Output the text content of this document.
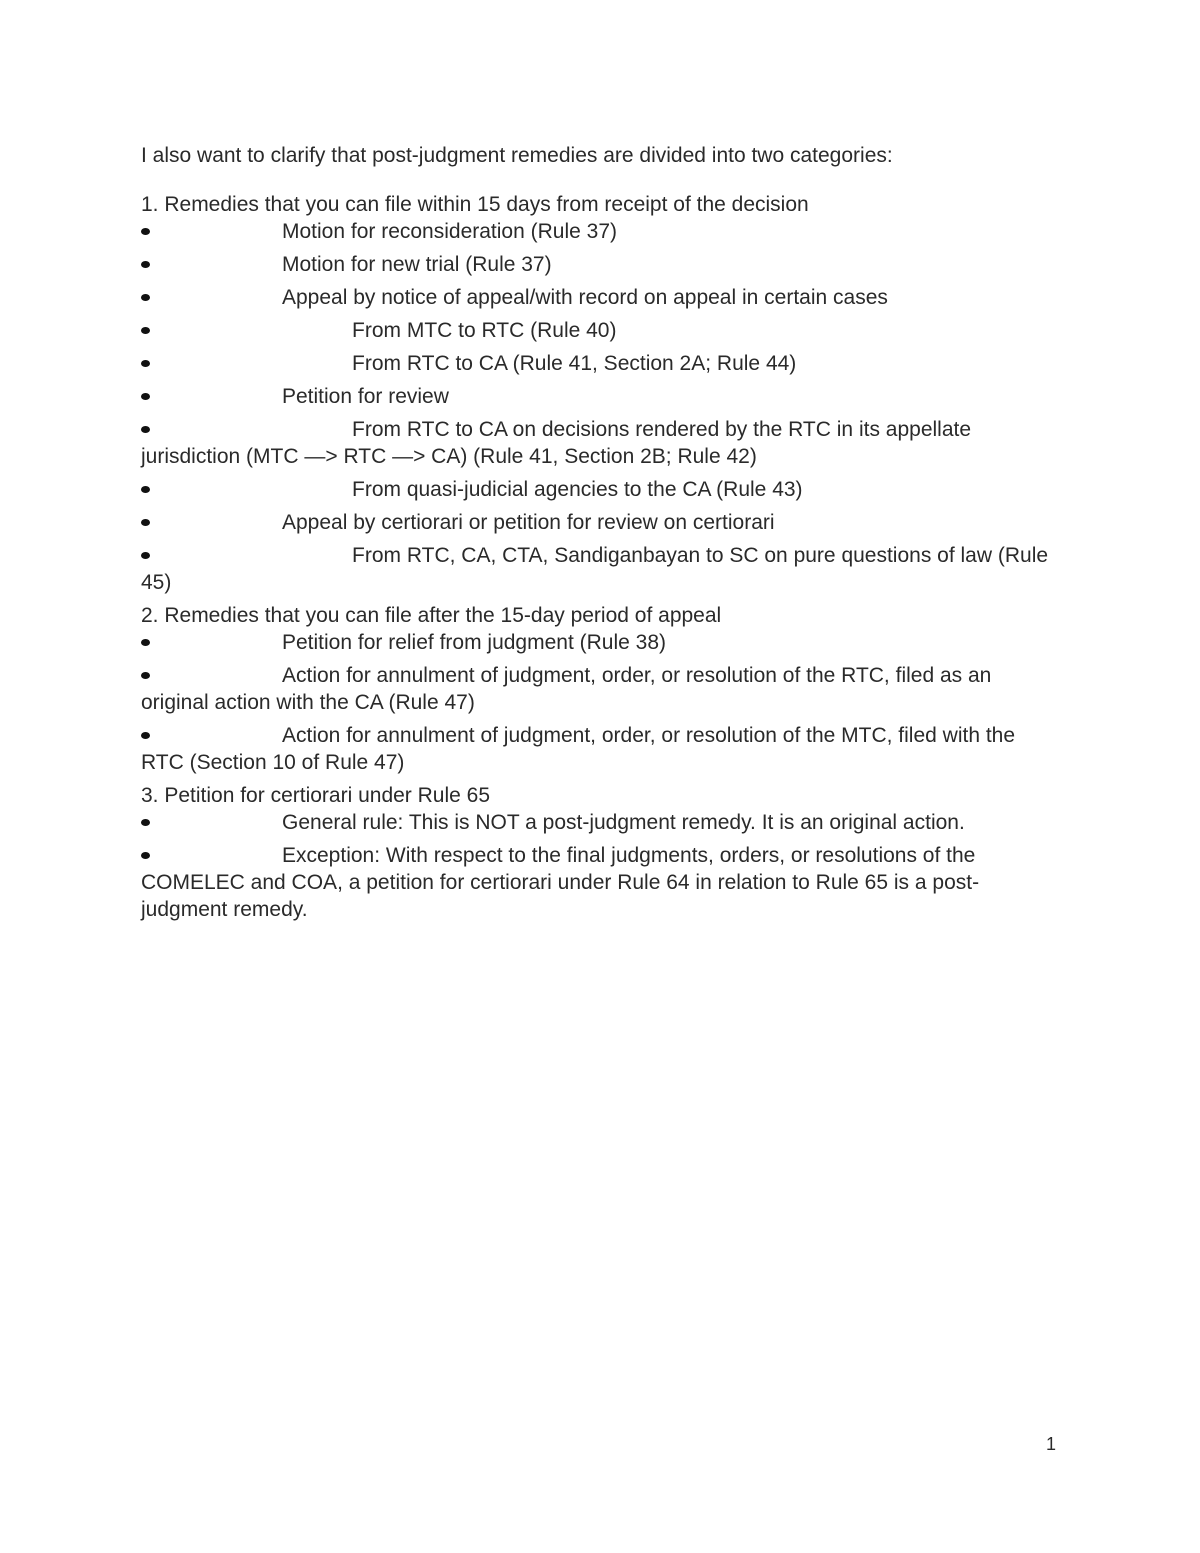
I also want to clarify that post-judgment remedies are divided into two categories:

1. Remedies that you can file within 15 days from receipt of the decision

Motion for reconsideration (Rule 37)
Motion for new trial (Rule 37)
Appeal by notice of appeal/with record on appeal in certain cases
From MTC to RTC (Rule 40)
From RTC to CA (Rule 41, Section 2A; Rule 44)
Petition for review
From RTC to CA on decisions rendered by the RTC in its appellate jurisdiction (MTC —> RTC —> CA) (Rule 41, Section 2B; Rule 42)
From quasi-judicial agencies to the CA (Rule 43)
Appeal by certiorari or petition for review on certiorari
From RTC, CA, CTA, Sandiganbayan to SC on pure questions of law (Rule 45)

2. Remedies that you can file after the 15-day period of appeal

Petition for relief from judgment (Rule 38)
Action for annulment of judgment, order, or resolution of the RTC, filed as an original action with the CA (Rule 47)
Action for annulment of judgment, order, or resolution of the MTC, filed with the RTC (Section 10 of Rule 47)

3. Petition for certiorari under Rule 65

General rule: This is NOT a post-judgment remedy. It is an original action.
Exception: With respect to the final judgments, orders, or resolutions of the COMELEC and COA, a petition for certiorari under Rule 64 in relation to Rule 65 is a post-judgment remedy.
1
